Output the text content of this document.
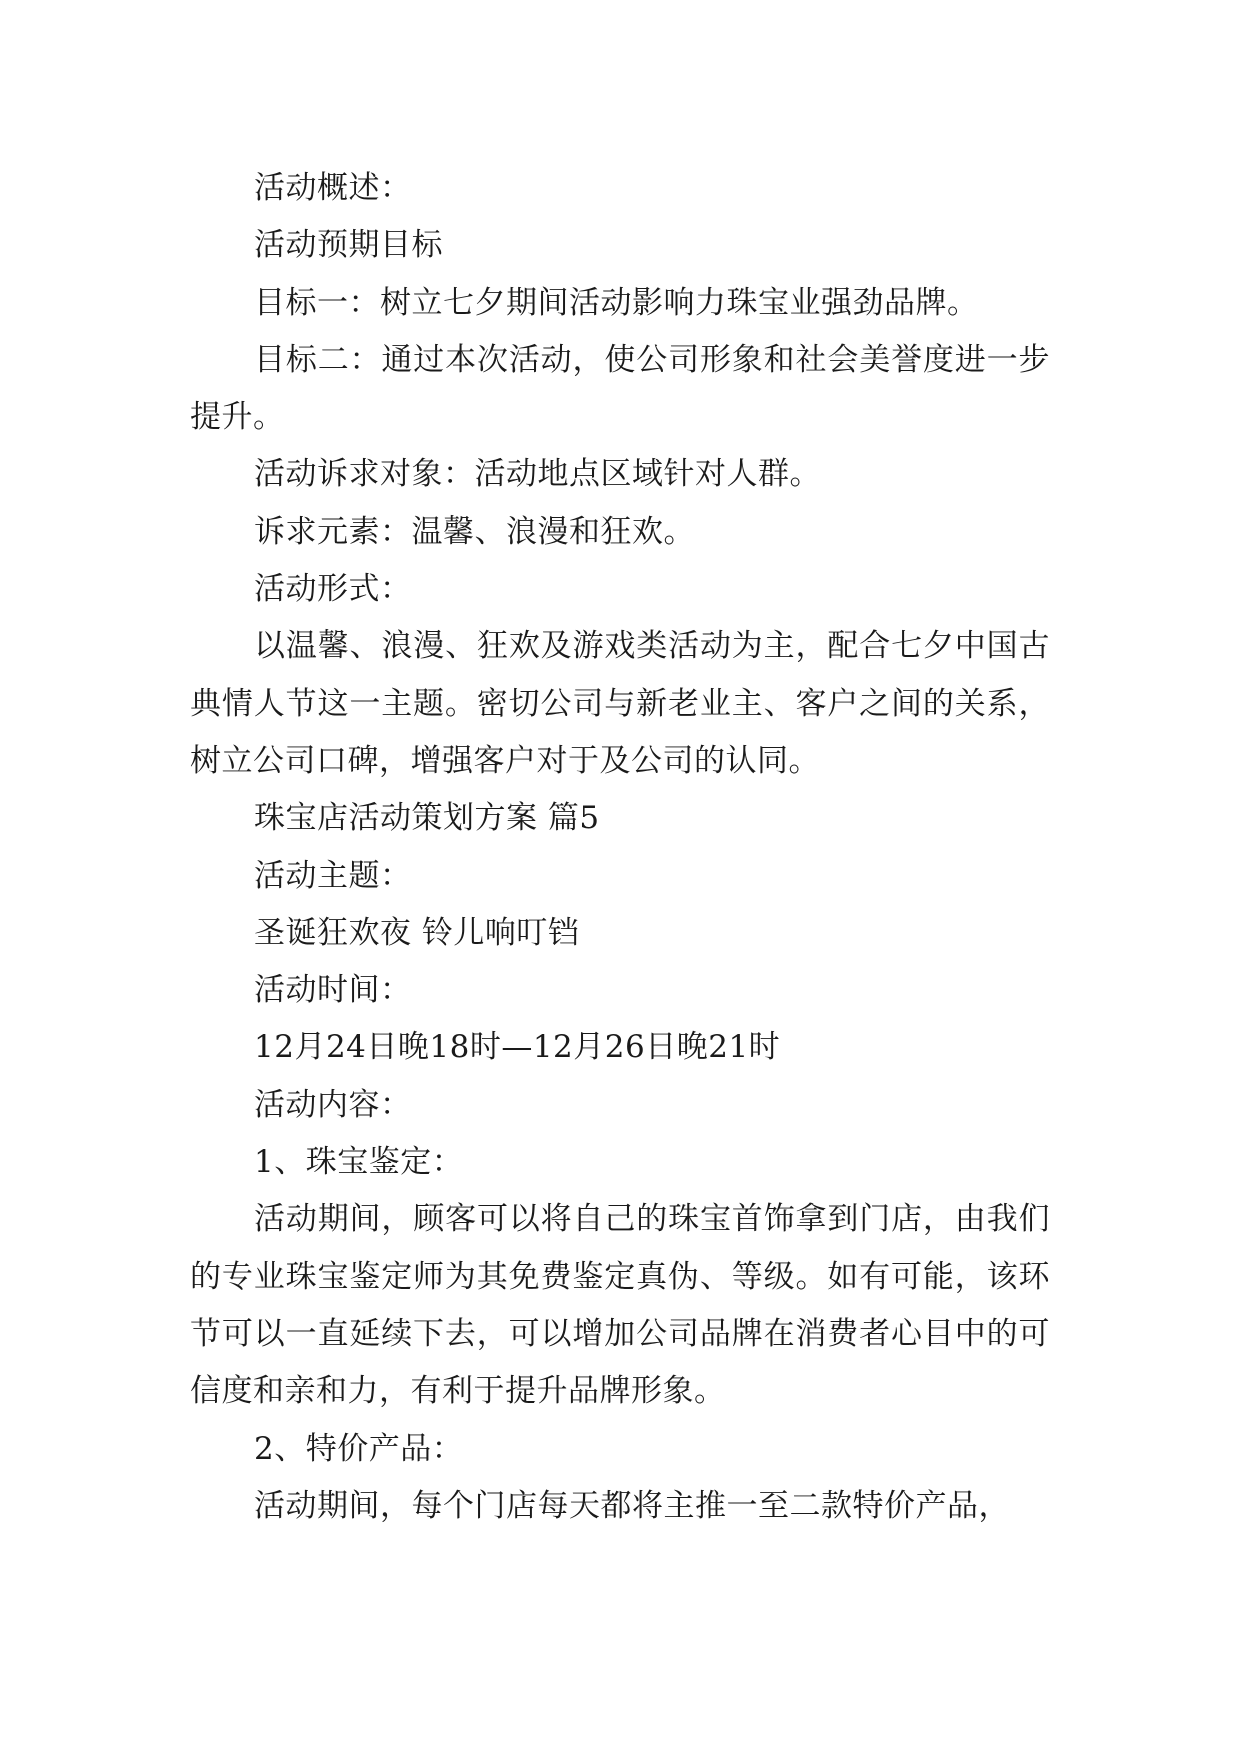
活动概述：

活动预期目标

目标一：树立七夕期间活动影响力珠宝业强劲品牌。

目标二：通过本次活动，使公司形象和社会美誉度进一步提升。

活动诉求对象：活动地点区域针对人群。

诉求元素：温馨、浪漫和狂欢。

活动形式：

以温馨、浪漫、狂欢及游戏类活动为主，配合七夕中国古典情人节这一主题。密切公司与新老业主、客户之间的关系，树立公司口碑，增强客户对于及公司的认同。

珠宝店活动策划方案 篇5

活动主题：

圣诞狂欢夜 铃儿响叮铛

活动时间：

12月24日晚18时—12月26日晚21时

活动内容：

1、珠宝鉴定：

活动期间，顾客可以将自己的珠宝首饰拿到门店，由我们的专业珠宝鉴定师为其免费鉴定真伪、等级。如有可能，该环节可以一直延续下去，可以增加公司品牌在消费者心目中的可信度和亲和力，有利于提升品牌形象。

2、特价产品：

活动期间，每个门店每天都将主推一至二款特价产品，
